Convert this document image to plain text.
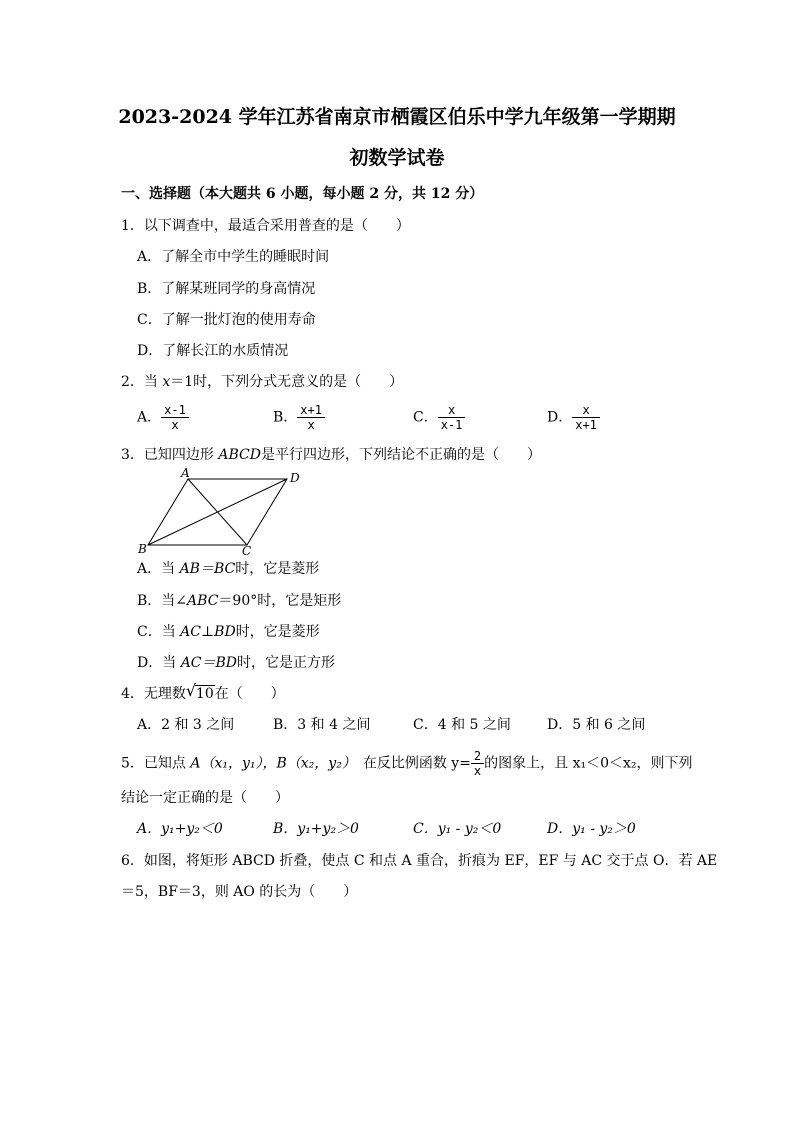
2023-2024 学年江苏省南京市栖霞区伯乐中学九年级第一学期期
初数学试卷
一、选择题（本大题共 6 小题，每小题 2 分，共 12 分）
1．以下调查中，最适合采用普查的是（　　）
A．了解全市中学生的睡眠时间
B．了解某班同学的身高情况
C．了解一批灯泡的使用寿命
D．了解长江的水质情况
2．当 x＝1时，下列分式无意义的是（　　）
A． $\frac{x-1}{x}$	B． $\frac{x+1}{x}$	C． $\frac{x}{x-1}$	D． $\frac{x}{x+1}$
3．已知四边形 ABCD是平行四边形，下列结论不正确的是（　　）
A	D
B	C
A．当 AB＝BC时，它是菱形
B．当∠ABC＝90°时，它是矩形
C．当 AC⊥BD时，它是菱形
D．当 AC＝BD时，它是正方形
4．无理数 √ 10在（　　）
A．2 和 3 之间	B．3 和 4 之间	C．4 和 5 之间	D．5 和 6 之间
5．已知点 A（x₁，y₁），B（x₂，y₂）　在反比例函数 $y= \frac{2}{x}$ 的图象上，且 x₁＜0＜x₂，则下列
结论一定正确的是（　　）
A．y₁+y₂＜0	B．y₁+y₂＞0	C．y₁ - y₂＜0	D．y₁ - y₂＞0
6．如图，将矩形 ABCD 折叠，使点 C 和点 A 重合，折痕为 EF，EF 与 AC 交于点 O．若 AE
＝5，BF＝3，则 AO 的长为（　　）
